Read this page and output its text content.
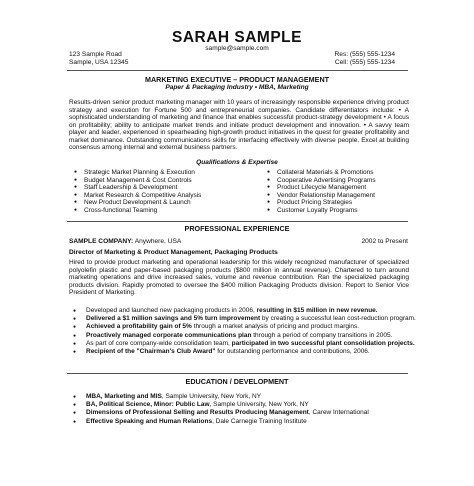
SARAH SAMPLE
sample@sample.com
123 Sample Road
Sample, USA 12345
Res: (555) 555-1234
Cell: (555) 555-1234
MARKETING EXECUTIVE – PRODUCT MANAGEMENT
Paper & Packaging Industry • MBA, Marketing
Results-driven senior product marketing manager with 10 years of increasingly responsible experience driving product strategy and execution for Fortune 500 and entrepreneurial companies. Candidate differentiators include: • A sophisticated understanding of marketing and finance that enables successful product-strategy development • A focus on profitability; ability to anticipate market trends and initiate product development and innovation. • A savvy team player and leader, experienced in spearheading high-growth product initiatives in the quest for greater profitability and market dominance. Outstanding communications skills for interfacing effectively with diverse people. Excel at building consensus among internal and external business partners.
Qualifications & Expertise
● Strategic Market Planning & Execution
● Budget Management & Cost Controls
● Staff Leadership & Development
● Market Research & Competitive Analysis
● New Product Development & Launch
● Cross-functional Teaming
● Collateral Materials & Promotions
● Cooperative Advertising Programs
● Product Lifecycle Management
● Vendor Relationship Management
● Product Pricing Strategies
● Customer Loyalty Programs
PROFESSIONAL EXPERIENCE
SAMPLE COMPANY: Anywhere, USA	2002 to Present
Director of Marketing & Product Management, Packaging Products
Hired to provide product marketing and operational leadership for this widely recognized manufacturer of specialized polyolefin plastic and paper-based packaging products ($800 million in annual revenue). Chartered to turn around marketing operations and drive increased sales, volume and revenue contribution. Ran the specialized packaging products division. Rapidly promoted to oversee the $400 million Packaging Products division. Report to Senior Vice President of Marketing.
● Developed and launched new packaging products in 2006, resulting in $15 million in new revenue.
● Delivered a $1 million savings and 5% turn improvement by creating a successful lean cost-reduction program.
● Achieved a profitability gain of 5% through a market analysis of pricing and product margins.
● Proactively managed corporate communications plan through a period of company transitions in 2005.
● As part of core company-wide consolidation team, participated in two successful plant consolidation projects.
● Recipient of the "Chairman's Club Award" for outstanding performance and contributions, 2006.
EDUCATION / DEVELOPMENT
● MBA, Marketing and MIS, Sample University, New York, NY
● BA, Political Science, Minor: Public Law, Sample University, New York, NY
● Dimensions of Professional Selling and Results Producing Management, Carew International
● Effective Speaking and Human Relations, Dale Carnegie Training Institute
